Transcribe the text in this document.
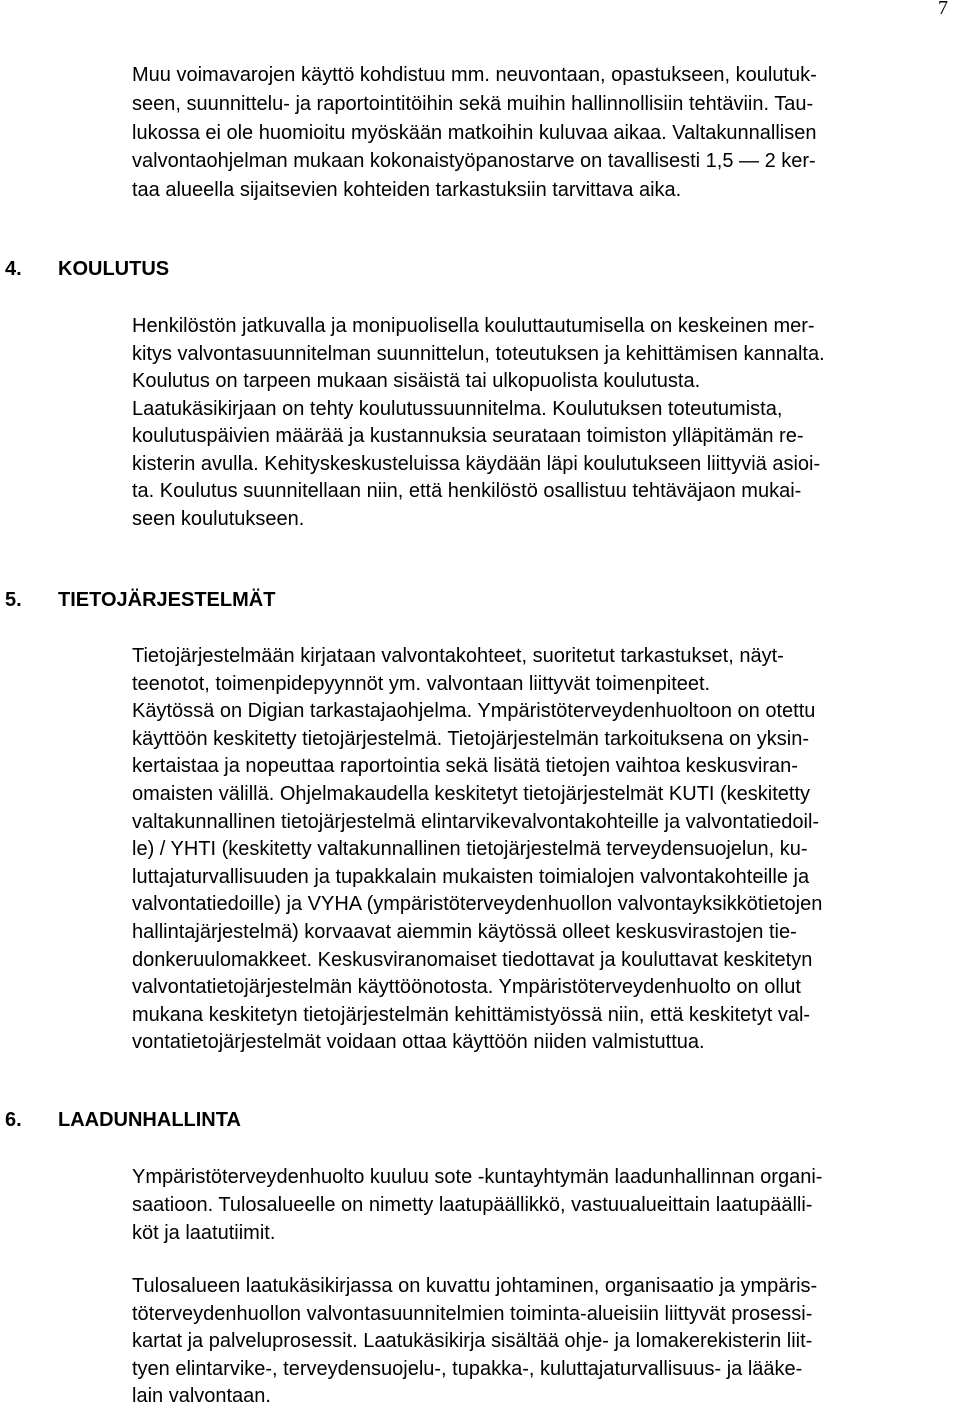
7
Muu voimavarojen käyttö kohdistuu mm. neuvontaan, opastukseen, koulutuk-
seen, suunnittelu- ja raportointitöihin sekä muihin hallinnollisiin tehtäviin. Tau-
lukossa ei ole huomioitu myöskään matkoihin kuluvaa aikaa. Valtakunnallisen
valvontaohjelman mukaan kokonaistyöpanostarve on tavallisesti 1,5 ― 2 ker-
taa alueella sijaitsevien kohteiden tarkastuksiin tarvittava aika.
4. KOULUTUS
Henkilöstön jatkuvalla ja monipuolisella kouluttautumisella on keskeinen mer-
kitys valvontasuunnitelman suunnittelun, toteutuksen ja kehittämisen kannalta.
Koulutus on tarpeen mukaan sisäistä tai ulkopuolista koulutusta.
Laatukäsikirjaan on tehty koulutussuunnitelma. Koulutuksen toteutumista,
koulutuspäivien määrää ja kustannuksia seurataan toimiston ylläpitämän re-
kisterin avulla. Kehityskeskusteluissa käydään läpi koulutukseen liittyviä asioi-
ta. Koulutus suunnitellaan niin, että henkilöstö osallistuu tehtäväjaon mukai-
seen koulutukseen.
5. TIETOJÄRJESTELMÄT
Tietojärjestelmään kirjataan valvontakohteet, suoritetut tarkastukset, näyt-
teenotot, toimenpidepyynnöt ym. valvontaan liittyvät toimenpiteet.
Käytössä on Digian tarkastajaohjelma. Ympäristöterveydenhuoltoon on otettu
käyttöön keskitetty tietojärjestelmä. Tietojärjestelmän tarkoituksena on yksin-
kertaistaa ja nopeuttaa raportointia sekä lisätä tietojen vaihtoa keskusviran-
omaisten välillä. Ohjelmakaudella keskitetyt tietojärjestelmät KUTI (keskitetty
valtakunnallinen tietojärjestelmä elintarvikevalvontakohteille ja valvontatiedoil-
le) / YHTI (keskitetty valtakunnallinen tietojärjestelmä terveydensuojelun, ku-
luttajaturvallisuuden ja tupakkalain mukaisten toimialojen valvontakohteille ja
valvontatiedoille) ja VYHA (ympäristöterveydenhuollon valvontayksikkötietojen
hallintajärjestelmä) korvaavat aiemmin käytössä olleet keskusvirastojen tie-
donkeruulomakkeet. Keskusviranomaiset tiedottavat ja kouluttavat keskitetyn
valvontatietojärjestelmän käyttöönotosta. Ympäristöterveydenhuolto on ollut
mukana keskitetyn tietojärjestelmän kehittämistyössä niin, että keskitetyt val-
vontatietojärjestelmät voidaan ottaa käyttöön niiden valmistuttua.
6. LAADUNHALLINTA
Ympäristöterveydenhuolto kuuluu sote -kuntayhtymän laadunhallinnan organi-
saatioon. Tulosalueelle on nimetty laatupäällikkö, vastuualueittain laatupäälli-
köt ja laatutiimit.
Tulosalueen laatukäsikirjassa on kuvattu johtaminen, organisaatio ja ympäris-
töterveydenhuollon valvontasuunnitelmien toiminta-alueisiin liittyvät prosessi-
kartat ja palveluprosessit. Laatukäsikirja sisältää ohje- ja lomakerekisterin liit-
tyen elintarvike-, terveydensuojelu-, tupakka-, kuluttajaturvallisuus- ja lääke-
lain valvontaan.
